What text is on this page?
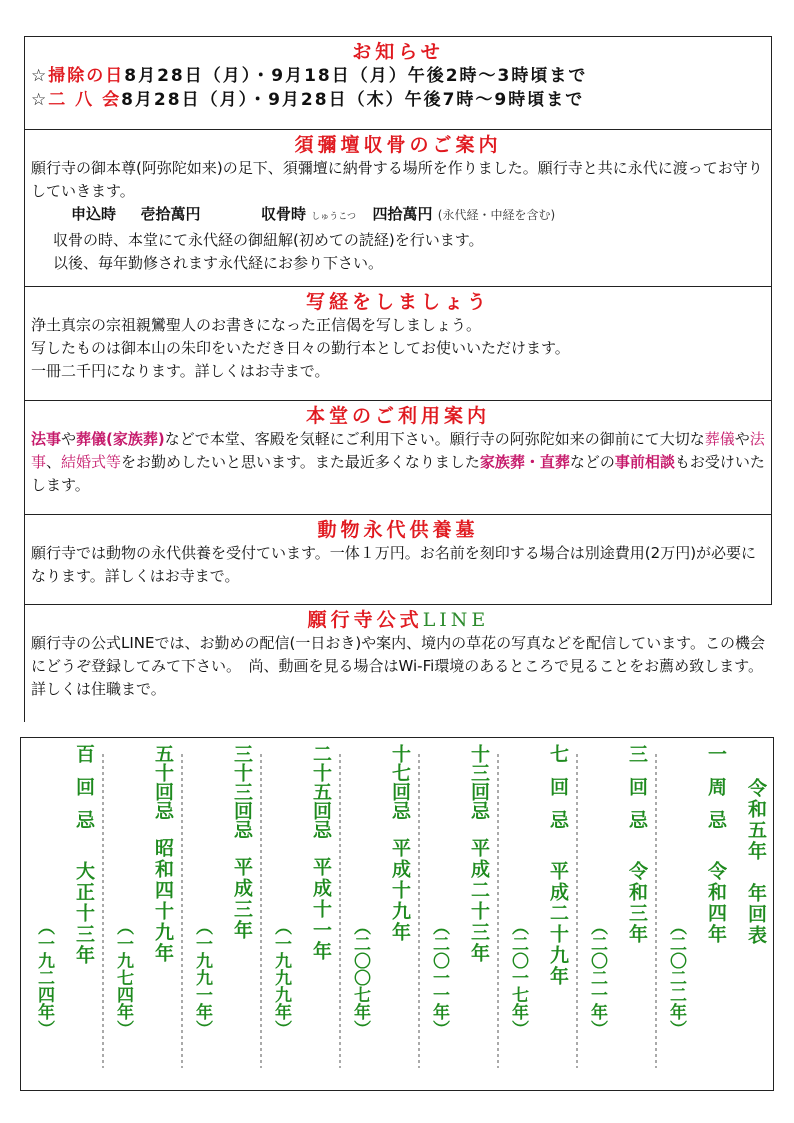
お知らせ
☆掃除の日8月28日（月）・9月18日（月）午後2時～3時頃まで
☆二 八 会8月28日（月）・9月28日（木）午後7時～9時頃まで
須彌壇収骨のご案内
願行寺の御本尊(阿弥陀如来)の足下、須彌壇に納骨する場所を作りました。願行寺と共に永代に渡ってお守りしていきます。
申込時 壱拾萬円	収骨時 しゅうこつ 四拾萬円 (永代経・中経を含む)
収骨の時、本堂にて永代経の御紐解(初めての読経)を行います。
以後、毎年勤修されます永代経にお参り下さい。
写経をしましょう
浄土真宗の宗祖親鸞聖人のお書きになった正信偈を写しましょう。
写したものは御本山の朱印をいただき日々の勤行本としてお使いいただけます。
一冊二千円になります。詳しくはお寺まで。
本堂のご利用案内
法事や葬儀(家族葬)などで本堂、客殿を気軽にご利用下さい。願行寺の阿弥陀如来の御前にて大切な葬儀や法事、結婚式等をお勤めしたいと思います。また最近多くなりました家族葬・直葬などの事前相談もお受けいたします。
動物永代供養墓
願行寺では動物の永代供養を受付ています。一体１万円。お名前を刻印する場合は別途費用(2万円)が必要になります。詳しくはお寺まで。
願行寺公式LINE
願行寺の公式LINEでは、お勤めの配信(一日おき)や案内、境内の草花の写真などを配信しています。この機会にどうぞ登録してみて下さい。　尚、動画を見る場合はWi-Fi環境のあるところで見ることをお薦め致します。詳しくは住職まで。
一周忌令和四年
（二〇二二年）
三回忌令和三年
（二〇二一年）
七回忌平成二十九年
（二〇一七年）
十三回忌平成二十三年
（二〇一一年）
十七回忌平成十九年
（二〇〇七年）
二十五回忌平成十一年
（一九九九年）
三十三回忌平成三年
（一九九一年）
五十回忌昭和四十九年
（一九七四年）
百回忌大正十三年
（一九二四年）
令和五年　年回表
